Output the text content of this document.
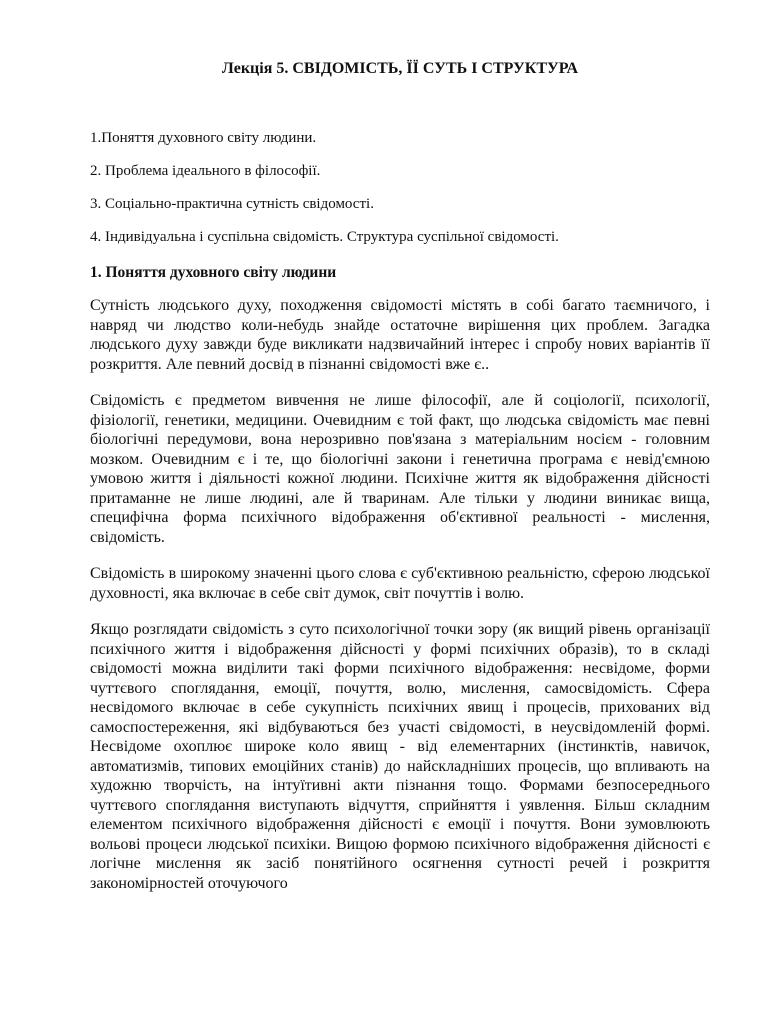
Лекція 5. СВІДОМІСТЬ, ЇЇ СУТЬ І СТРУКТУРА
1.Поняття духовного світу людини.
2. Проблема ідеального в філософії.
3. Соціально-практична сутність свідомості.
4. Індивідуальна і суспільна свідомість. Структура суспільної свідомості.
1. Поняття духовного світу людини

Сутність людського духу, походження свідомості містять в собі багато таємничого, і навряд чи людство коли-небудь знайде остаточне вирішення цих проблем. Загадка людського духу завжди буде викликати надзвичайний інтерес і спробу нових варіантів її розкриття. Але певний досвід в пізнанні свідомості вже є..

Свідомість є предметом вивчення не лише філософії, але й соціології, психології, фізіології, генетики, медицини. Очевидним є той факт, що людська свідомість має певні біологічні передумови, вона нерозривно пов'язана з матеріальним носієм - головним мозком. Очевидним є і те, що біологічні закони і генетична програма є невід'ємною умовою життя і діяльності кожної людини. Психічне життя як відображення дійсності притаманне не лише людині, але й тваринам. Але тільки у людини виникає вища, специфічна форма психічного відображення об'єктивної реальності - мислення, свідомість.

Свідомість в широкому значенні цього слова є суб'єктивною реальністю, сферою людської духовності, яка включає в себе світ думок, світ почуттів і волю.

Якщо розглядати свідомість з суто психологічної точки зору (як вищий рівень організації психічного життя і відображення дійсності у формі психічних образів), то в складі свідомості можна виділити такі форми психічного відображення: несвідоме, форми чуттєвого споглядання, емоції, почуття, волю, мислення, самосвідомість. Сфера несвідомого включає в себе сукупність психічних явищ і процесів, прихованих від самоспостереження, які відбуваються без участі свідомості, в неусвідомленій формі. Несвідоме охоплює широке коло явищ - від елементарних (інстинктів, навичок, автоматизмів, типових емоційних станів) до найскладніших процесів, що впливають на художню творчість, на інтуїтивні акти пізнання тощо. Формами безпосереднього чуттєвого споглядання виступають відчуття, сприйняття і уявлення. Більш складним елементом психічного відображення дійсності є емоції і почуття. Вони зумовлюють вольові процеси людської психіки. Вищою формою психічного відображення дійсності є логічне мислення як засіб понятійного осягнення сутності речей і розкриття закономірностей оточуючого
